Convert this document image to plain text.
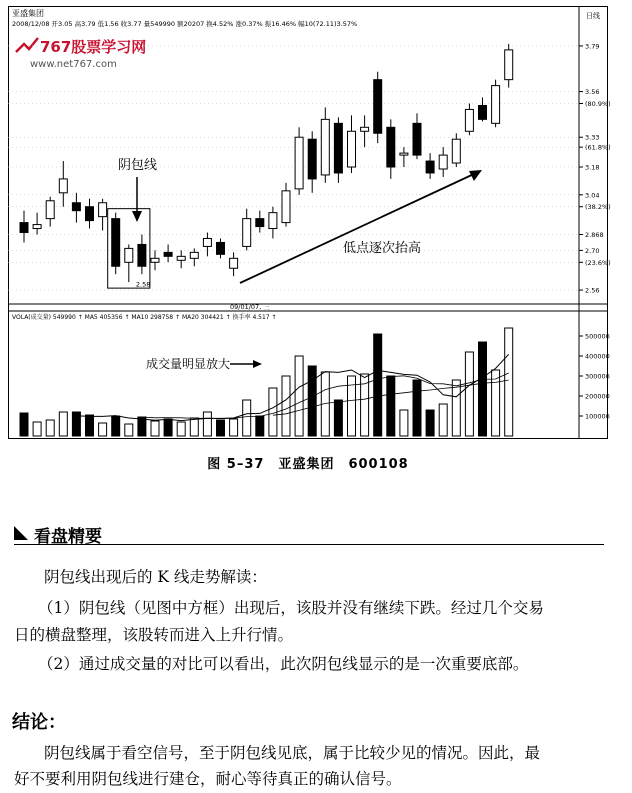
亚盛集团
2008/12/08 开3.05 高3.79 低1.56 收3.77 量549990 额20207 换4.52% 涨0.37% 振16.46% 幅10(72.11)3.57%
日线
767股票学习网
www.net767.com
3.79
3.56
(80.9%)
3.33
(61.8%)
3.18
3.04
(38.2%)
2.868
2.70
(23.6%)
2.56
2.58
09/01/07, 三
阴包线
低点逐次抬高
VOLA(成交量) 549990 ↑ MA5 405356 ↑ MA10 298758 ↑ MA20 304421 ↑ 换手率 4.517 ↑
100000
200000
300000
400000
500000
成交量明显放大
图 5–37　亚盛集团　600108
看盘精要
阴包线出现后的 K 线走势解读：
（1）阴包线（见图中方框）出现后，该股并没有继续下跌。经过几个交易
日的横盘整理，该股转而进入上升行情。
（2）通过成交量的对比可以看出，此次阴包线显示的是一次重要底部。
结论：
阴包线属于看空信号，至于阴包线见底，属于比较少见的情况。因此，最
好不要利用阴包线进行建仓，耐心等待真正的确认信号。
